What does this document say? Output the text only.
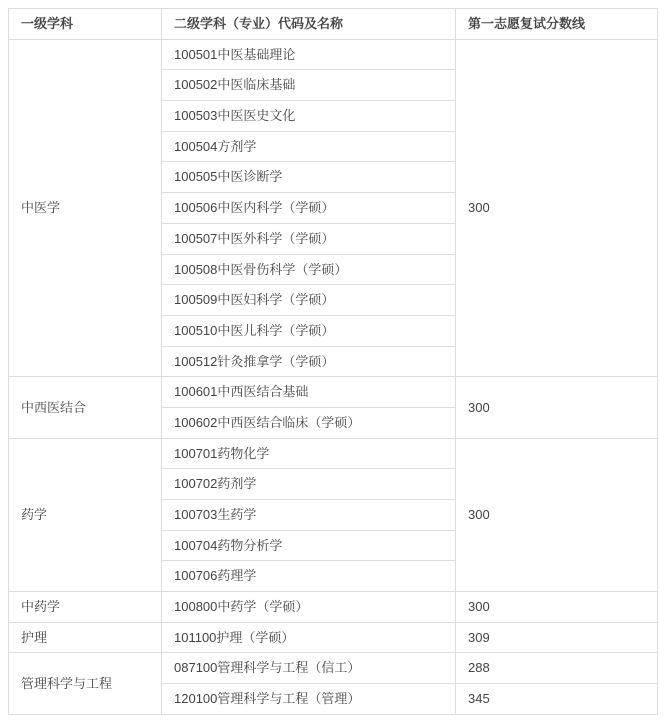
一级学科	二级学科（专业）代码及名称	第一志愿复试分数线
中医学	100501中医基础理论	300
	100502中医临床基础	
	100503中医医史文化	
	100504方剂学	
	100505中医诊断学	
	100506中医内科学（学硕）	
	100507中医外科学（学硕）	
	100508中医骨伤科学（学硕）	
	100509中医妇科学（学硕）	
	100510中医儿科学（学硕）	
	100512针灸推拿学（学硕）	
中西医结合	100601中西医结合基础	300
	100602中西医结合临床（学硕）	
药学	100701药物化学	300
	100702药剂学	
	100703生药学	
	100704药物分析学	
	100706药理学	
中药学	100800中药学（学硕）	300
护理	101100护理（学硕）	309
管理科学与工程	087100管理科学与工程（信工）	288
	120100管理科学与工程（管理）	345
